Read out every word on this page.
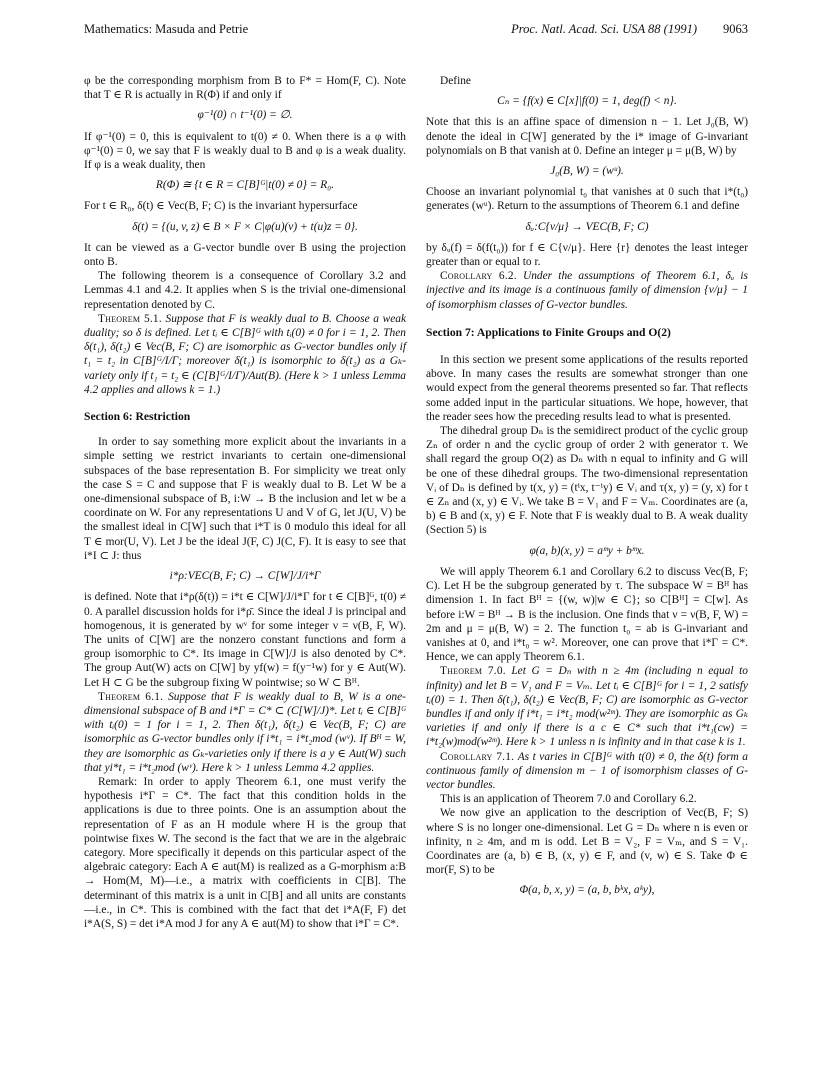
Mathematics: Masuda and Petrie	Proc. Natl. Acad. Sci. USA 88 (1991) 9063

φ be the corresponding morphism from B to F* = Hom(F, C). Note that T ∈ R is actually in R(Φ) if and only if

φ⁻¹(0) ∩ t⁻¹(0) = ∅.

If φ⁻¹(0) = 0, this is equivalent to t(0) ≠ 0. When there is a φ with φ⁻¹(0) = 0, we say that F is weakly dual to B and φ is a weak duality. If φ is a weak duality, then

R(Φ) ≅ {t ∈ R = C[B]ᴳ|t(0) ≠ 0} = R₀.

For t ∈ R₀, δ(t) ∈ Vec(B, F; C) is the invariant hypersurface

δ(t) = {(u, v, z) ∈ B × F × C|φ(u)(v) + t(u)z = 0}.

It can be viewed as a G-vector bundle over B using the projection onto B.

The following theorem is a consequence of Corollary 3.2 and Lemmas 4.1 and 4.2. It applies when S is the trivial one-dimensional representation denoted by C.

Theorem 5.1. Suppose that F is weakly dual to B. Choose a weak duality; so δ is defined. Let tᵢ ∈ C[B]ᴳ with tᵢ(0) ≠ 0 for i = 1, 2. Then δ(t₁), δ(t₂) ∈ Vec(B, F; C) are isomorphic as G-vector bundles only if t₁ = t₂ in C[B]ᴳ/I/Γ; moreover δ(t₁) is isomorphic to δ(t₂) as a Gₖ-variety only if t₁ = t₂ ∈ (C[B]ᴳ/I/Γ)/Aut(B). (Here k > 1 unless Lemma 4.2 applies and allows k = 1.)

Section 6: Restriction

In order to say something more explicit about the invariants in a simple setting we restrict invariants to certain one-dimensional subspaces of the base representation B. For simplicity we treat only the case S = C and suppose that F is weakly dual to B. Let W be a one-dimensional subspace of B, i:W → B the inclusion and let w be a coordinate on W. For any representations U and V of G, let J(U, V) be the smallest ideal in C[W] such that i*T is 0 modulo this ideal for all T ∈ mor(U, V). Let J be the ideal J(F, C) J(C, F). It is easy to see that i*I ⊂ J: thus

i*ρ:VEC(B, F; C) → C[W]/J/i*Γ

is defined. Note that i*ρ(δ(t)) = i*t ∈ C[W]/J/i*Γ for t ∈ C[B]ᴳ, t(0) ≠ 0. A parallel discussion holds for i*ρ̄. Since the ideal J is principal and homogenous, it is generated by wᵛ for some integer ν = ν(B, F, W). The units of C[W] are the nonzero constant functions and form a group isomorphic to C*. Its image in C[W]/J is also denoted by C*. The group Aut(W) acts on C[W] by yf(w) = f(y⁻¹w) for y ∈ Aut(W). Let H ⊂ G be the subgroup fixing W pointwise; so W ⊂ Bᴴ.

Theorem 6.1. Suppose that F is weakly dual to B, W is a one-dimensional subspace of B and i*Γ = C* ⊂ (C[W]/J)*. Let tᵢ ∈ C[B]ᴳ with tᵢ(0) = 1 for i = 1, 2. Then δ(t₁), δ(t₂) ∈ Vec(B, F; C) are isomorphic as G-vector bundles only if i*t₁ = i*t₂mod (wᵛ). If Bᴴ = W, they are isomorphic as Gₖ-varieties only if there is a y ∈ Aut(W) such that yi*t₁ = i*t₂mod (wᵛ). Here k > 1 unless Lemma 4.2 applies.

Remark: In order to apply Theorem 6.1, one must verify the hypothesis i*Γ = C*. The fact that this condition holds in the applications is due to three points. One is an assumption about the representation of F as an H module where H is the group that pointwise fixes W. The second is the fact that we are in the algebraic category. More specifically it depends on this particular aspect of the algebraic category: Each A ∈ aut(M) is realized as a G-morphism a:B → Hom(M, M)—i.e., a matrix with coefficients in C[B]. The determinant of this matrix is a unit in C[B] and all units are constants—i.e., in C*. This is combined with the fact that det i*A(F, F) det i*A(S, S) = det i*A mod J for any A ∈ aut(M) to show that i*Γ = C*.

Define

Cₙ = {f(x) ∈ C[x]|f(0) = 1, deg(f) < n}.

Note that this is an affine space of dimension n − 1. Let J₀(B, W) denote the ideal in C[W] generated by the i* image of G-invariant polynomials on B that vanish at 0. Define an integer μ = μ(B, W) by

J₀(B, W) = (wᵘ).

Choose an invariant polynomial t₀ that vanishes at 0 such that i*(t₀) generates (wᵘ). Return to the assumptions of Theorem 6.1 and define

δᵤ:C{ν/μ} → VEC(B, F; C)

by δᵤ(f) = δ(f(t₀)) for f ∈ C{ν/μ}. Here {r} denotes the least integer greater than or equal to r.

Corollary 6.2. Under the assumptions of Theorem 6.1, δᵤ is injective and its image is a continuous family of dimension {ν/μ} − 1 of isomorphism classes of G-vector bundles.

Section 7: Applications to Finite Groups and O(2)

In this section we present some applications of the results reported above. In many cases the results are somewhat stronger than one would expect from the general theorems presented so far. That reflects some added input in the particular situations. We hope, however, that the reader sees how the preceding results lead to what is presented.

The dihedral group Dₙ is the semidirect product of the cyclic group Zₙ of order n and the cyclic group of order 2 with generator τ. We shall regard the group O(2) as Dₙ with n equal to infinity and G will be one of these dihedral groups. The two-dimensional representation Vᵢ of Dₙ is defined by t(x, y) = (tⁱx, t⁻ⁱy) ∈ Vᵢ and τ(x, y) = (y, x) for t ∈ Zₙ and (x, y) ∈ Vᵢ. We take B = V₁ and F = Vₘ. Coordinates are (a, b) ∈ B and (x, y) ∈ F. Note that F is weakly dual to B. A weak duality (Section 5) is

φ(a, b)(x, y) = aᵐy + bᵐx.

We will apply Theorem 6.1 and Corollary 6.2 to discuss Vec(B, F; C). Let H be the subgroup generated by τ. The subspace W = Bᴴ has dimension 1. In fact Bᴴ = {(w, w)|w ∈ C}; so C[Bᴴ] = C[w]. As before i:W = Bᴴ → B is the inclusion. One finds that ν = ν(B, F, W) = 2m and μ = μ(B, W) = 2. The function t₀ = ab is G-invariant and vanishes at 0, and i*t₀ = w². Moreover, one can prove that i*Γ = C*. Hence, we can apply Theorem 6.1.

Theorem 7.0. Let G = Dₙ with n ≥ 4m (including n equal to infinity) and let B = V₁ and F = Vₘ. Let tᵢ ∈ C[B]ᴳ for i = 1, 2 satisfy tᵢ(0) = 1. Then δ(t₁), δ(t₂) ∈ Vec(B, F; C) are isomorphic as G-vector bundles if and only if i*t₁ = i*t₂ mod(w²ᵐ). They are isomorphic as Gₖ varieties if and only if there is a c ∈ C* such that i*t₁(cw) = i*t₂(w)mod(w²ᵐ). Here k > 1 unless n is infinity and in that case k is 1.

Corollary 7.1. As t varies in C[B]ᴳ with t(0) ≠ 0, the δ(t) form a continuous family of dimension m − 1 of isomorphism classes of G-vector bundles.

This is an application of Theorem 7.0 and Corollary 6.2.

We now give an application to the description of Vec(B, F; S) where S is no longer one-dimensional. Let G = Dₙ where n is even or infinity, n ≥ 4m, and m is odd. Let B = V₂, F = Vₘ, and S = V₁. Coordinates are (a, b) ∈ B, (x, y) ∈ F, and (v, w) ∈ S. Take Φ ∈ mor(F, S) to be

Φ(a, b, x, y) = (a, b, bᵏx, aᵏy),
